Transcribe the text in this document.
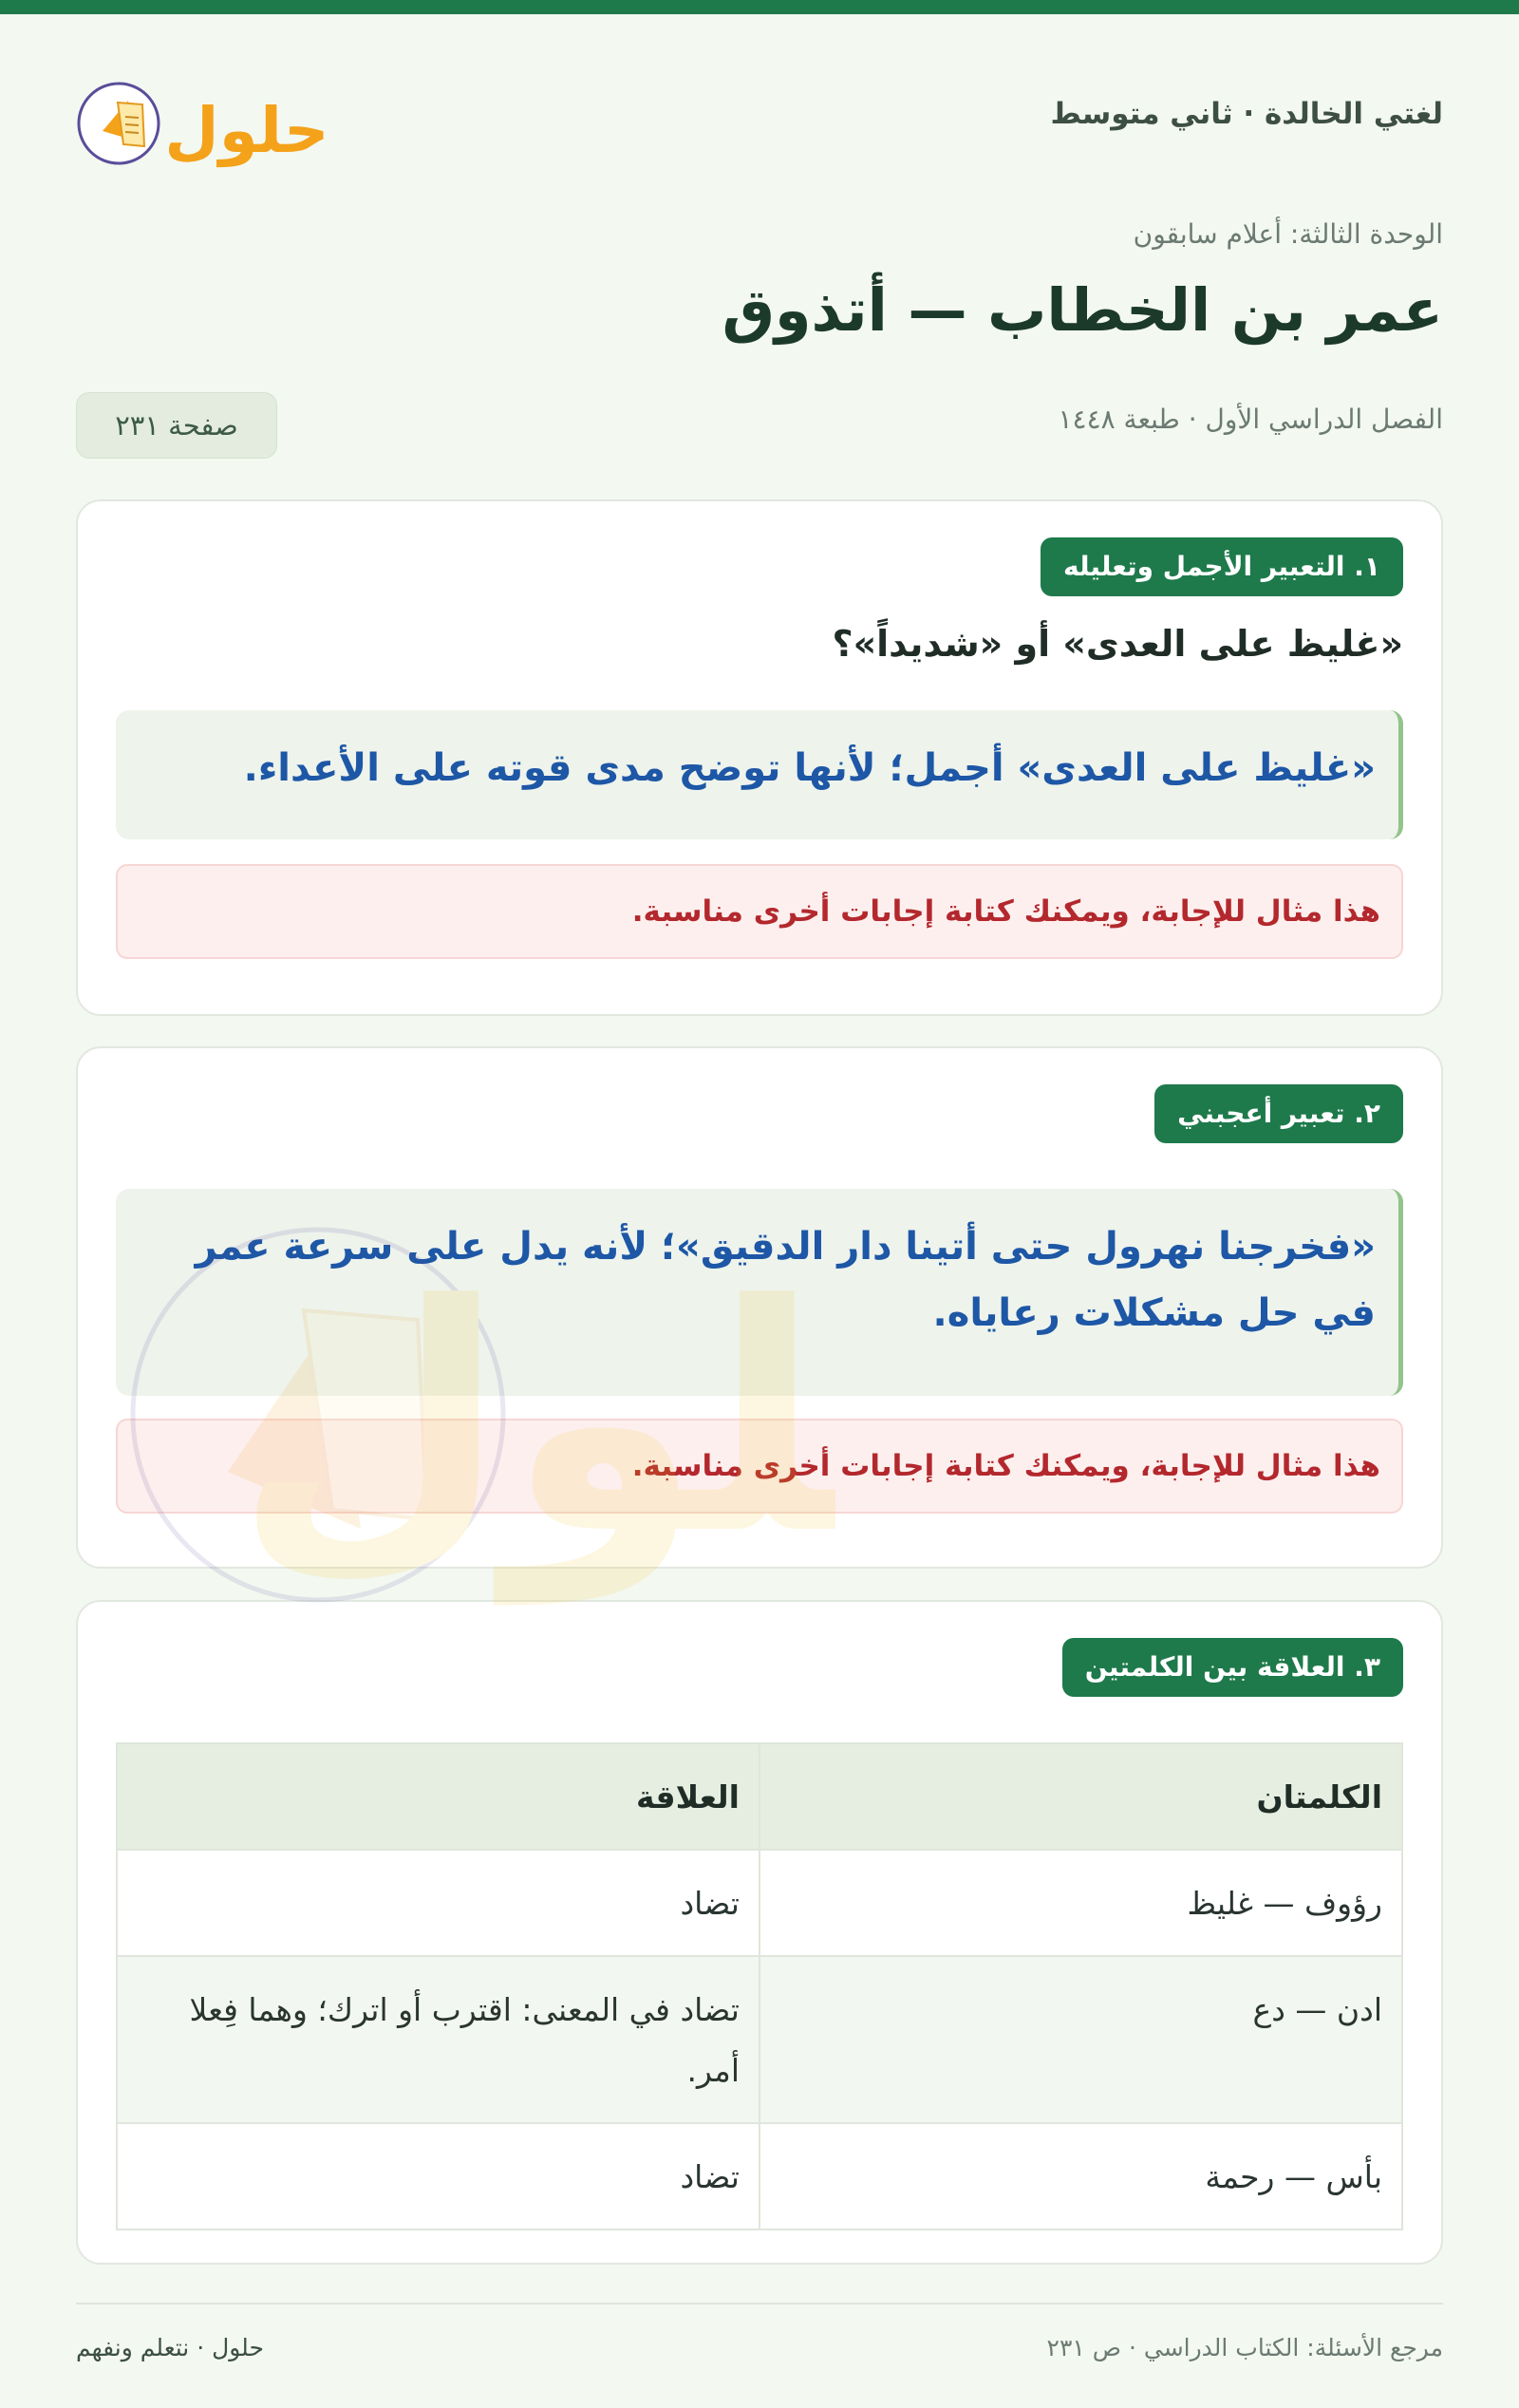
لغتي الخالدة · ثاني متوسط
حلول
الوحدة الثالثة: أعلام سابقون
عمر بن الخطاب — أتذوق
الفصل الدراسي الأول · طبعة ١٤٤٨
صفحة ٢٣١
١. التعبير الأجمل وتعليله
«غليظ على العدى» أو «شديداً»؟
«غليظ على العدى» أجمل؛ لأنها توضح مدى قوته على الأعداء.
هذا مثال للإجابة، ويمكنك كتابة إجابات أخرى مناسبة.
٢. تعبير أعجبني
«فخرجنا نهرول حتى أتينا دار الدقيق»؛ لأنه يدل على سرعة عمر في حل مشكلات رعاياه.
هذا مثال للإجابة، ويمكنك كتابة إجابات أخرى مناسبة.
٣. العلاقة بين الكلمتين
الكلمتان	العلاقة
رؤوف — غليظ	تضاد
ادن — دع	تضاد في المعنى: اقترب أو اترك؛ وهما فِعلا أمر.
بأس — رحمة	تضاد
مرجع الأسئلة: الكتاب الدراسي · ص ٢٣١
حلول · نتعلم ونفهم
